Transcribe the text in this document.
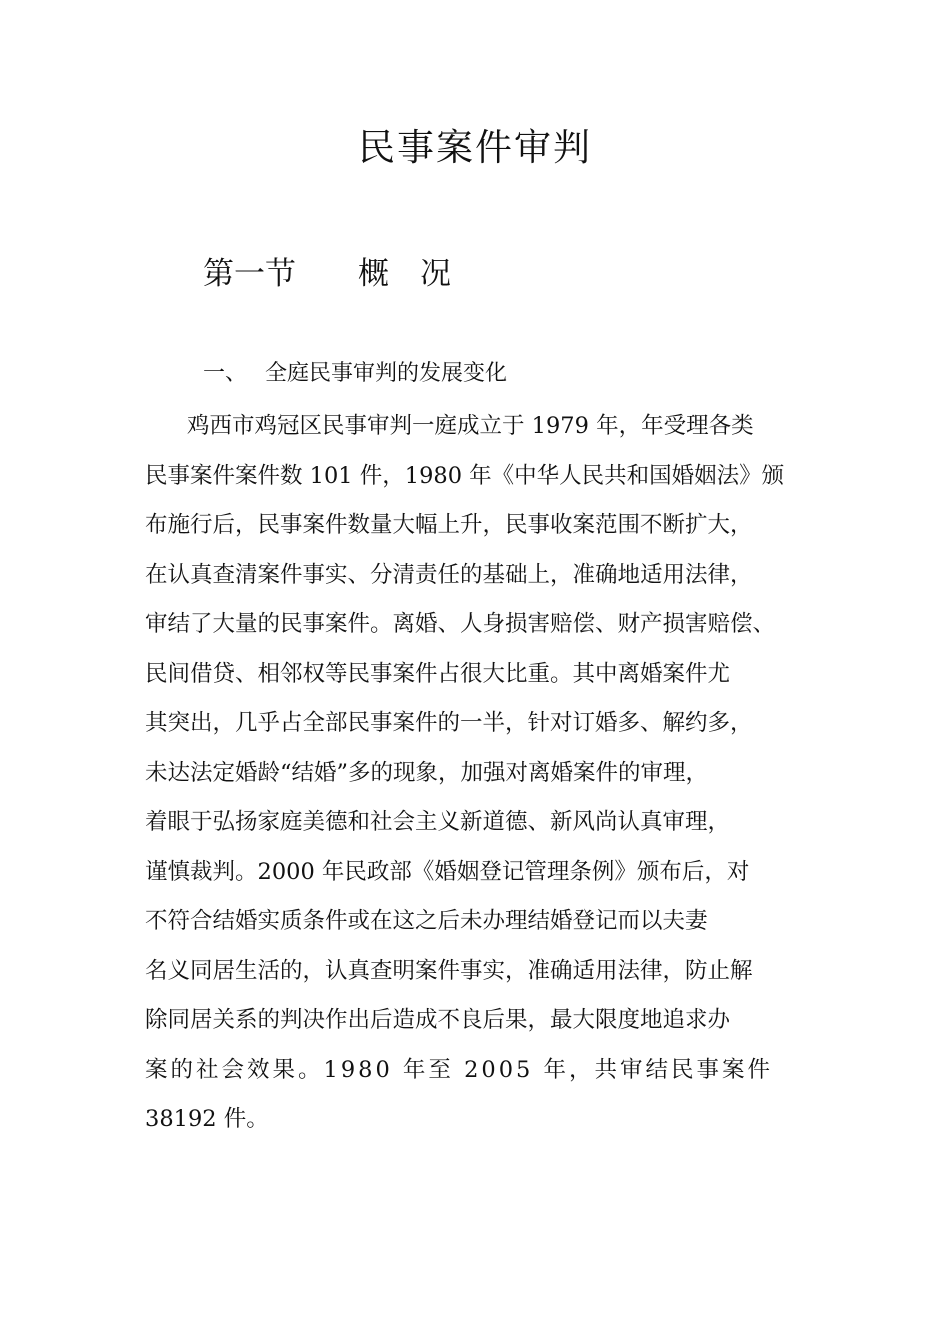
民事案件审判
第一节　　概　况
一、　 全庭民事审判的发展变化
鸡西市鸡冠区民事审判一庭成立于 1979 年，年受理各类
民事案件案件数 101 件，1980 年《中华人民共和国婚姻法》颁
布施行后，民事案件数量大幅上升，民事收案范围不断扩大，
在认真查清案件事实、分清责任的基础上，准确地适用法律，
审结了大量的民事案件。离婚、人身损害赔偿、财产损害赔偿、
民间借贷、相邻权等民事案件占很大比重。其中离婚案件尤
其突出，几乎占全部民事案件的一半，针对订婚多、解约多，
未达法定婚龄“结婚”多的现象，加强对离婚案件的审理，
着眼于弘扬家庭美德和社会主义新道德、新风尚认真审理，
谨慎裁判。2000 年民政部《婚姻登记管理条例》颁布后，对
不符合结婚实质条件或在这之后未办理结婚登记而以夫妻
名义同居生活的，认真查明案件事实，准确适用法律，防止解
除同居关系的判决作出后造成不良后果，最大限度地追求办
案的社会效果。1980 年至 2005 年，共审结民事案件
38192 件。
